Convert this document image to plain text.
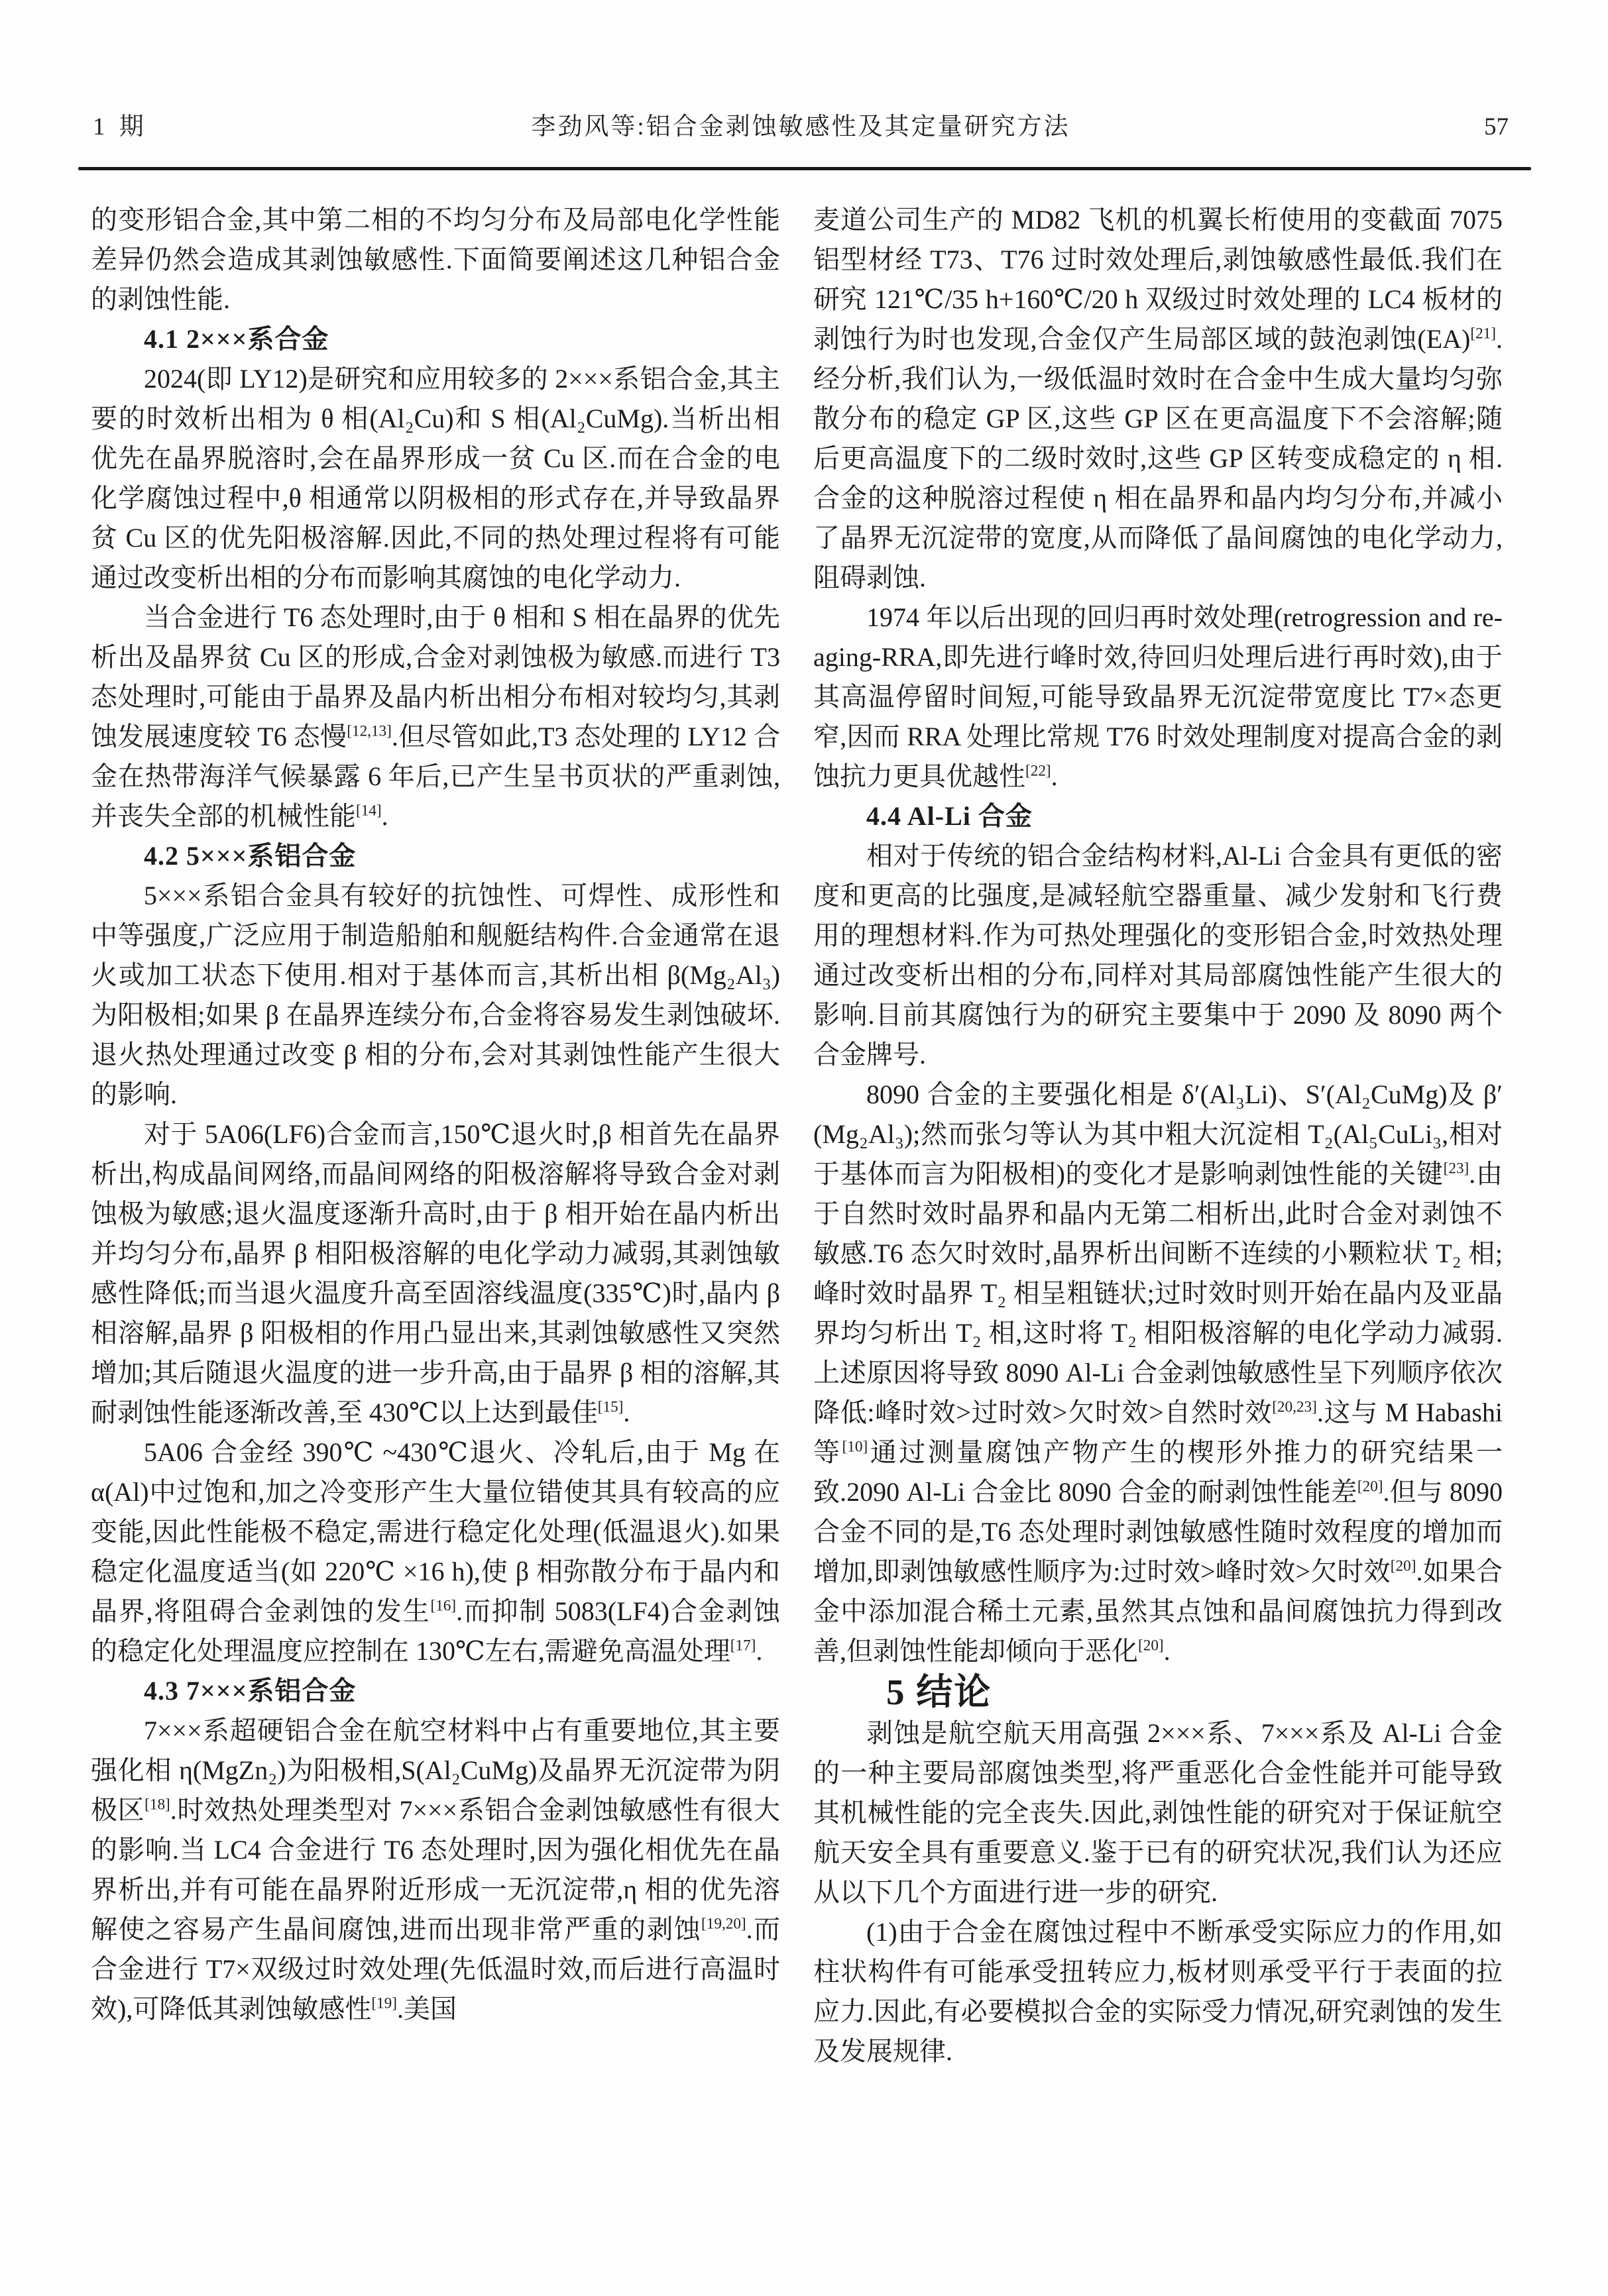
1 期	李劲风等:铝合金剥蚀敏感性及其定量研究方法	57

的变形铝合金,其中第二相的不均匀分布及局部电化学性能差异仍然会造成其剥蚀敏感性.下面简要阐述这几种铝合金的剥蚀性能.

4.1 2×××系合金

2024(即 LY12)是研究和应用较多的 2×××系铝合金,其主要的时效析出相为 θ 相(Al₂Cu)和 S 相(Al₂CuMg).当析出相优先在晶界脱溶时,会在晶界形成一贫 Cu 区.而在合金的电化学腐蚀过程中,θ 相通常以阴极相的形式存在,并导致晶界贫 Cu 区的优先阳极溶解.因此,不同的热处理过程将有可能通过改变析出相的分布而影响其腐蚀的电化学动力.

当合金进行 T6 态处理时,由于 θ 相和 S 相在晶界的优先析出及晶界贫 Cu 区的形成,合金对剥蚀极为敏感.而进行 T3 态处理时,可能由于晶界及晶内析出相分布相对较均匀,其剥蚀发展速度较 T6 态慢[12,13].但尽管如此,T3 态处理的 LY12 合金在热带海洋气候暴露 6 年后,已产生呈书页状的严重剥蚀,并丧失全部的机械性能[14].

4.2 5×××系铝合金

5×××系铝合金具有较好的抗蚀性、可焊性、成形性和中等强度,广泛应用于制造船舶和舰艇结构件.合金通常在退火或加工状态下使用.相对于基体而言,其析出相 β(Mg₂Al₃)为阳极相;如果 β 在晶界连续分布,合金将容易发生剥蚀破坏.退火热处理通过改变 β 相的分布,会对其剥蚀性能产生很大的影响.

对于 5A06(LF6)合金而言,150℃退火时,β 相首先在晶界析出,构成晶间网络,而晶间网络的阳极溶解将导致合金对剥蚀极为敏感;退火温度逐渐升高时,由于 β 相开始在晶内析出并均匀分布,晶界 β 相阳极溶解的电化学动力减弱,其剥蚀敏感性降低;而当退火温度升高至固溶线温度(335℃)时,晶内 β 相溶解,晶界 β 阳极相的作用凸显出来,其剥蚀敏感性又突然增加;其后随退火温度的进一步升高,由于晶界 β 相的溶解,其耐剥蚀性能逐渐改善,至 430℃以上达到最佳[15].

5A06 合金经 390℃ ~430℃退火、冷轧后,由于 Mg 在 α(Al)中过饱和,加之冷变形产生大量位错使其具有较高的应变能,因此性能极不稳定,需进行稳定化处理(低温退火).如果稳定化温度适当(如 220℃ ×16 h),使 β 相弥散分布于晶内和晶界,将阻碍合金剥蚀的发生[16].而抑制 5083(LF4)合金剥蚀的稳定化处理温度应控制在 130℃左右,需避免高温处理[17].

4.3 7×××系铝合金

7×××系超硬铝合金在航空材料中占有重要地位,其主要强化相 η(MgZn₂)为阳极相,S(Al₂CuMg)及晶界无沉淀带为阴极区[18].时效热处理类型对 7×××系铝合金剥蚀敏感性有很大的影响.当 LC4 合金进行 T6 态处理时,因为强化相优先在晶界析出,并有可能在晶界附近形成一无沉淀带,η 相的优先溶解使之容易产生晶间腐蚀,进而出现非常严重的剥蚀[19,20].而合金进行 T7×双级过时效处理(先低温时效,而后进行高温时效),可降低其剥蚀敏感性[19].美国

麦道公司生产的 MD82 飞机的机翼长桁使用的变截面 7075 铝型材经 T73、T76 过时效处理后,剥蚀敏感性最低.我们在研究 121℃/35 h+160℃/20 h 双级过时效处理的 LC4 板材的剥蚀行为时也发现,合金仅产生局部区域的鼓泡剥蚀(EA)[21].经分析,我们认为,一级低温时效时在合金中生成大量均匀弥散分布的稳定 GP 区,这些 GP 区在更高温度下不会溶解;随后更高温度下的二级时效时,这些 GP 区转变成稳定的 η 相.合金的这种脱溶过程使 η 相在晶界和晶内均匀分布,并减小了晶界无沉淀带的宽度,从而降低了晶间腐蚀的电化学动力,阻碍剥蚀.

1974 年以后出现的回归再时效处理(retrogression and re-aging-RRA,即先进行峰时效,待回归处理后进行再时效),由于其高温停留时间短,可能导致晶界无沉淀带宽度比 T7×态更窄,因而 RRA 处理比常规 T76 时效处理制度对提高合金的剥蚀抗力更具优越性[22].

4.4 Al-Li 合金

相对于传统的铝合金结构材料,Al-Li 合金具有更低的密度和更高的比强度,是减轻航空器重量、减少发射和飞行费用的理想材料.作为可热处理强化的变形铝合金,时效热处理通过改变析出相的分布,同样对其局部腐蚀性能产生很大的影响.目前其腐蚀行为的研究主要集中于 2090 及 8090 两个合金牌号.

8090 合金的主要强化相是 δ′(Al₃Li)、S′(Al₂CuMg)及 β′(Mg₂Al₃);然而张匀等认为其中粗大沉淀相 T₂(Al₅CuLi₃,相对于基体而言为阳极相)的变化才是影响剥蚀性能的关键[23].由于自然时效时晶界和晶内无第二相析出,此时合金对剥蚀不敏感.T6 态欠时效时,晶界析出间断不连续的小颗粒状 T₂ 相;峰时效时晶界 T₂ 相呈粗链状;过时效时则开始在晶内及亚晶界均匀析出 T₂ 相,这时将 T₂ 相阳极溶解的电化学动力减弱.上述原因将导致 8090 Al-Li 合金剥蚀敏感性呈下列顺序依次降低:峰时效>过时效>欠时效>自然时效[20,23].这与 M Habashi 等[10]通过测量腐蚀产物产生的楔形外推力的研究结果一致.2090 Al-Li 合金比 8090 合金的耐剥蚀性能差[20].但与 8090 合金不同的是,T6 态处理时剥蚀敏感性随时效程度的增加而增加,即剥蚀敏感性顺序为:过时效>峰时效>欠时效[20].如果合金中添加混合稀土元素,虽然其点蚀和晶间腐蚀抗力得到改善,但剥蚀性能却倾向于恶化[20].

5 结论

剥蚀是航空航天用高强 2×××系、7×××系及 Al-Li 合金的一种主要局部腐蚀类型,将严重恶化合金性能并可能导致其机械性能的完全丧失.因此,剥蚀性能的研究对于保证航空航天安全具有重要意义.鉴于已有的研究状况,我们认为还应从以下几个方面进行进一步的研究.

(1)由于合金在腐蚀过程中不断承受实际应力的作用,如柱状构件有可能承受扭转应力,板材则承受平行于表面的拉应力.因此,有必要模拟合金的实际受力情况,研究剥蚀的发生及发展规律.
